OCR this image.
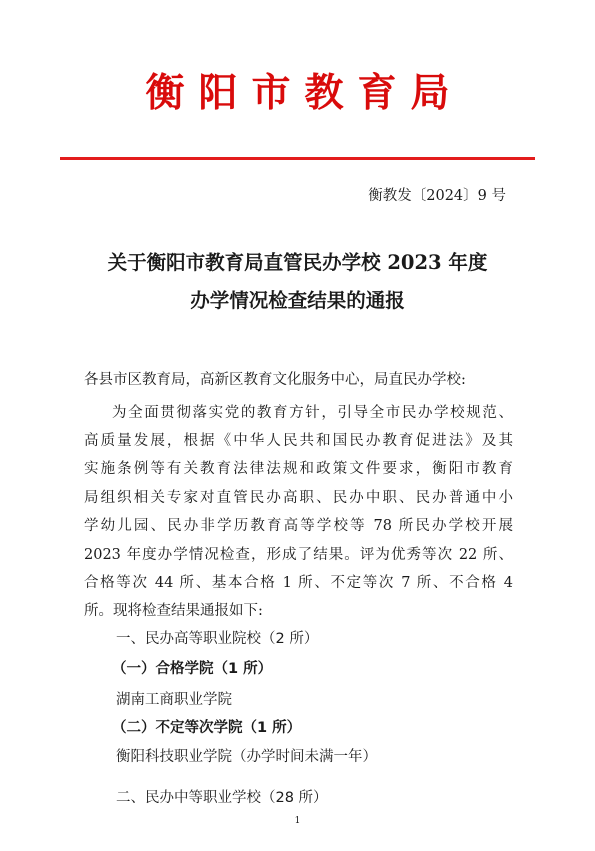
衡阳市教育局
衡教发〔2024〕9 号
关于衡阳市教育局直管民办学校 2023 年度
办学情况检查结果的通报
各县市区教育局，高新区教育文化服务中心，局直民办学校:
为全面贯彻落实党的教育方针，引导全市民办学校规范、
高质量发展，根据《中华人民共和国民办教育促进法》及其
实施条例等有关教育法律法规和政策文件要求，衡阳市教育
局组织相关专家对直管民办高职、民办中职、民办普通中小
学幼儿园、民办非学历教育高等学校等 78 所民办学校开展
2023 年度办学情况检查，形成了结果。评为优秀等次 22 所、
合格等次 44 所、基本合格 1 所、不定等次 7 所、不合格 4
所。现将检查结果通报如下:
一、民办高等职业院校（2 所）
（一）合格学院（1 所）
湖南工商职业学院
（二）不定等次学院（1 所）
衡阳科技职业学院（办学时间未满一年）
二、民办中等职业学校（28 所）
1
